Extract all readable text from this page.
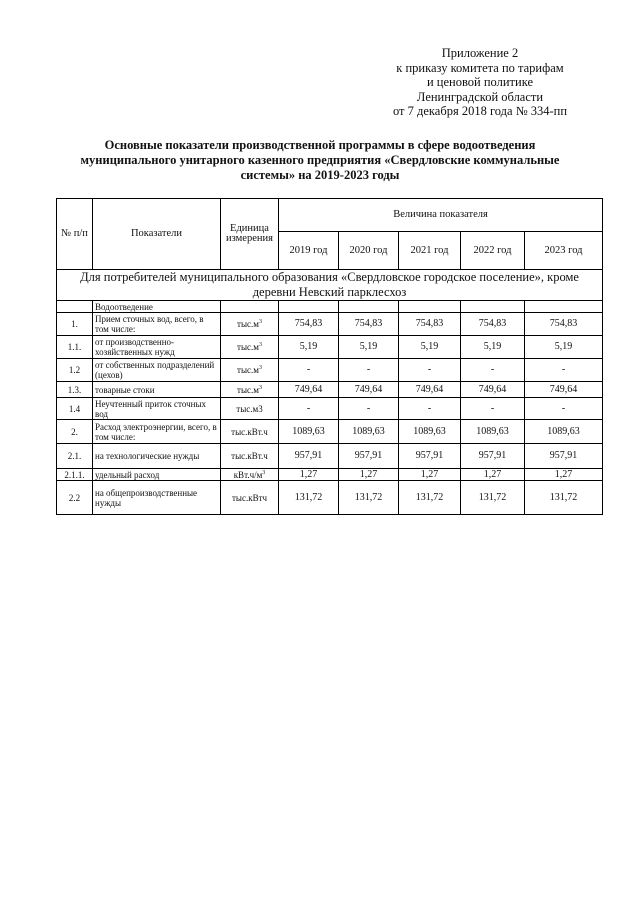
Приложение 2
к приказу комитета по тарифам
и ценовой политике
Ленинградской области
от 7 декабря 2018 года № 334-пп
Основные показатели производственной программы в сфере водоотведения
муниципального унитарного казенного предприятия «Свердловские коммунальные
системы» на 2019-2023 годы
№ п/п	Показатели	Единица измерения	Величина показателя				
			2019 год	2020 год	2021 год	2022 год	2023 год
Для потребителей муниципального образования «Свердловское городское поселение», кроме деревни Невский парклесхоз							
	Водоотведение						
1.	Прием сточных вод, всего, в том числе:	$тыс.м^3$	754,83	754,83	754,83	754,83	754,83
1.1.	от производственно-хозяйственных нужд	$тыс.м^3$	5,19	5,19	5,19	5,19	5,19
1.2	от собственных подразделений (цехов)	$тыс.м^3$	-	-	-	-	-
1.3.	товарные стоки	$тыс.м^3$	749,64	749,64	749,64	749,64	749,64
1.4	Неучтенный приток сточных вод	тыс.м3	-	-	-	-	-
2.	Расход электроэнергии, всего, в том числе:	тыс.кВт.ч	1089,63	1089,63	1089,63	1089,63	1089,63
2.1.	на технологические нужды	тыс.кВт.ч	957,91	957,91	957,91	957,91	957,91
2.1.1.	удельный расход	$кВт.ч/м^3$	1,27	1,27	1,27	1,27	1,27
2.2	на общепроизводственные нужды	тыс.кВтч	131,72	131,72	131,72	131,72	131,72
